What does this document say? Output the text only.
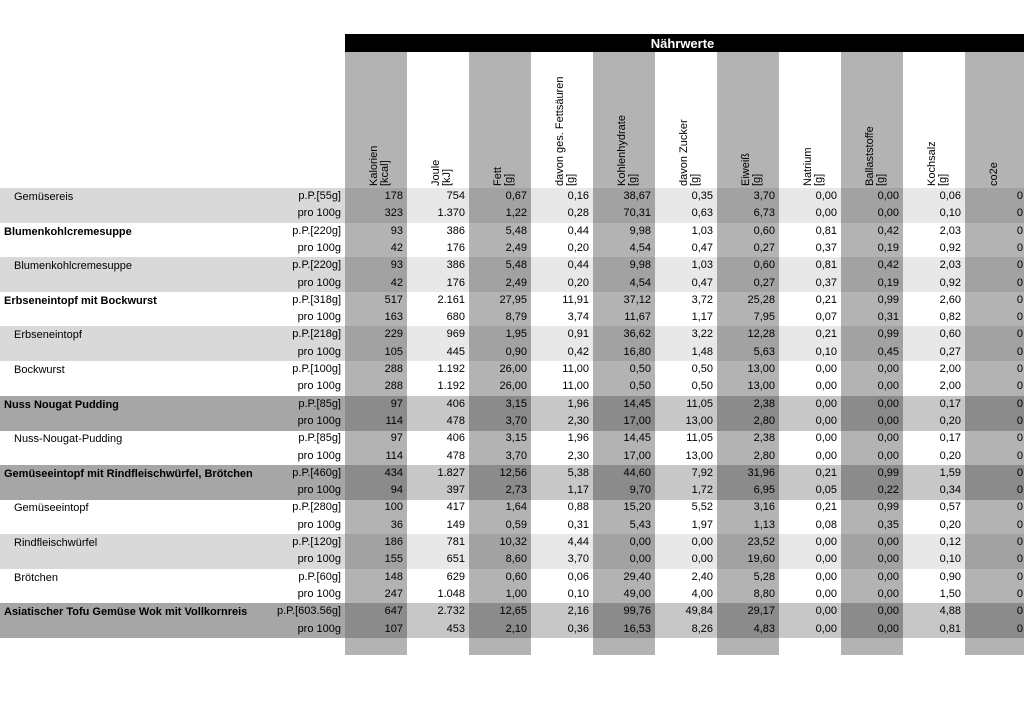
Nährwerte
Kalorien [kcal]	Joule [kJ]	Fett [g]	davon ges. Fettsäuren [g]	Kohlenhydrate [g]	davon Zucker [g]	Eiweiß [g]	Natrium [g]	Ballaststoffe [g]	Kochsalz [g]	co2e
Gemüsereis	p.P.[55g]	178	754	0,67	0,16	38,67	0,35	3,70	0,00	0,00	0,06	0
pro 100g	323	1.370	1,22	0,28	70,31	0,63	6,73	0,00	0,00	0,10	0
Blumenkohlcremesuppe	p.P.[220g]	93	386	5,48	0,44	9,98	1,03	0,60	0,81	0,42	2,03	0
pro 100g	42	176	2,49	0,20	4,54	0,47	0,27	0,37	0,19	0,92	0
Blumenkohlcremesuppe	p.P.[220g]	93	386	5,48	0,44	9,98	1,03	0,60	0,81	0,42	2,03	0
pro 100g	42	176	2,49	0,20	4,54	0,47	0,27	0,37	0,19	0,92	0
Erbseneintopf mit Bockwurst	p.P.[318g]	517	2.161	27,95	11,91	37,12	3,72	25,28	0,21	0,99	2,60	0
pro 100g	163	680	8,79	3,74	11,67	1,17	7,95	0,07	0,31	0,82	0
Erbseneintopf	p.P.[218g]	229	969	1,95	0,91	36,62	3,22	12,28	0,21	0,99	0,60	0
pro 100g	105	445	0,90	0,42	16,80	1,48	5,63	0,10	0,45	0,27	0
Bockwurst	p.P.[100g]	288	1.192	26,00	11,00	0,50	0,50	13,00	0,00	0,00	2,00	0
pro 100g	288	1.192	26,00	11,00	0,50	0,50	13,00	0,00	0,00	2,00	0
Nuss Nougat Pudding	p.P.[85g]	97	406	3,15	1,96	14,45	11,05	2,38	0,00	0,00	0,17	0
pro 100g	114	478	3,70	2,30	17,00	13,00	2,80	0,00	0,00	0,20	0
Nuss-Nougat-Pudding	p.P.[85g]	97	406	3,15	1,96	14,45	11,05	2,38	0,00	0,00	0,17	0
pro 100g	114	478	3,70	2,30	17,00	13,00	2,80	0,00	0,00	0,20	0
Gemüseeintopf mit Rindfleischwürfel, Brötchen	p.P.[460g]	434	1.827	12,56	5,38	44,60	7,92	31,96	0,21	0,99	1,59	0
pro 100g	94	397	2,73	1,17	9,70	1,72	6,95	0,05	0,22	0,34	0
Gemüseeintopf	p.P.[280g]	100	417	1,64	0,88	15,20	5,52	3,16	0,21	0,99	0,57	0
pro 100g	36	149	0,59	0,31	5,43	1,97	1,13	0,08	0,35	0,20	0
Rindfleischwürfel	p.P.[120g]	186	781	10,32	4,44	0,00	0,00	23,52	0,00	0,00	0,12	0
pro 100g	155	651	8,60	3,70	0,00	0,00	19,60	0,00	0,00	0,10	0
Brötchen	p.P.[60g]	148	629	0,60	0,06	29,40	2,40	5,28	0,00	0,00	0,90	0
pro 100g	247	1.048	1,00	0,10	49,00	4,00	8,80	0,00	0,00	1,50	0
Asiatischer Tofu Gemüse Wok mit Vollkornreis	p.P.[603.56g]	647	2.732	12,65	2,16	99,76	49,84	29,17	0,00	0,00	4,88	0
pro 100g	107	453	2,10	0,36	16,53	8,26	4,83	0,00	0,00	0,81	0
